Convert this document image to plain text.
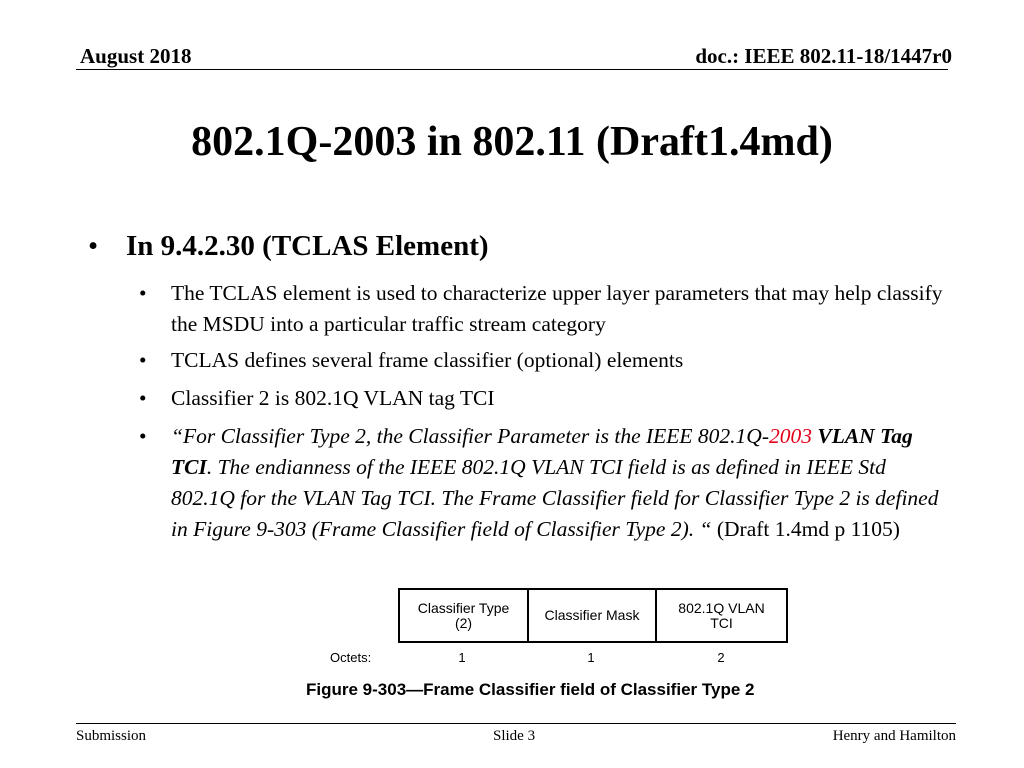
August 2018	doc.: IEEE 802.11-18/1447r0
802.1Q-2003 in 802.11 (Draft1.4md)
• In 9.4.2.30 (TCLAS Element)
• The TCLAS element is used to characterize upper layer parameters that may help classify the MSDU into a particular traffic stream category
• TCLAS defines several frame classifier (optional) elements
• Classifier 2 is 802.1Q VLAN tag TCI
• “For Classifier Type 2, the Classifier Parameter is the IEEE 802.1Q-2003 VLAN Tag TCI. The endianness of the IEEE 802.1Q VLAN TCI field is as defined in IEEE Std 802.1Q for the VLAN Tag TCI. The Frame Classifier field for Classifier Type 2 is defined in Figure 9-303 (Frame Classifier field of Classifier Type 2). “ (Draft 1.4md p 1105)
Classifier Type (2)	Classifier Mask	802.1Q VLAN TCI
Octets:	1	1	2
Figure 9-303—Frame Classifier field of Classifier Type 2
Submission	Slide 3	Henry and Hamilton
